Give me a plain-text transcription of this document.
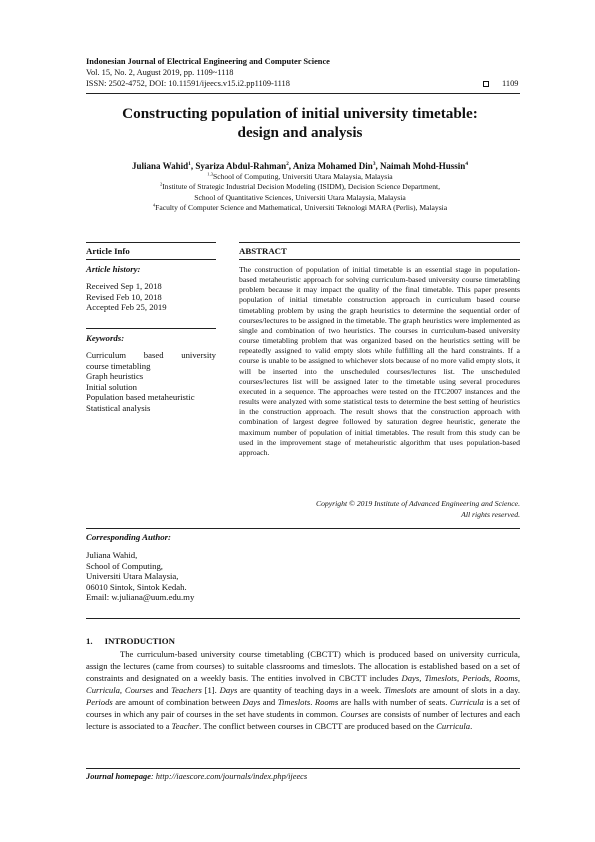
Indonesian Journal of Electrical Engineering and Computer Science
Vol. 15, No. 2, August 2019, pp. 1109~1118
ISSN: 2502-4752, DOI: 10.11591/ijeecs.v15.i2.pp1109-1118	1109
Constructing population of initial university timetable:
design and analysis
Juliana Wahid$^1$, Syariza Abdul-Rahman$^2$, Aniza Mohamed Din$^3$, Naimah Mohd-Hussin$^4$
$^{1,3}$School of Computing, Universiti Utara Malaysia, Malaysia
$^2$Institute of Strategic Industrial Decision Modeling (ISIDM), Decision Science Department,
School of Quantitative Sciences, Universiti Utara Malaysia, Malaysia
$^4$Faculty of Computer Science and Mathematical, Universiti Teknologi MARA (Perlis), Malaysia
Article Info
Article history:
Received Sep 1, 2018
Revised Feb 10, 2018
Accepted Feb 25, 2019
Keywords:
Curriculum based university
course timetabling
Graph heuristics
Initial solution
Population based metaheuristic
Statistical analysis
ABSTRACT
The construction of population of initial timetable is an essential stage in population-based metaheuristic approach for solving curriculum-based university course timetabling problem because it may impact the quality of the final timetable. This paper presents population of initial timetable construction approach in curriculum based course timetabling problem by using the graph heuristics to determine the sequential order of courses/lectures to be assigned in the timetable. The graph heuristics were implemented as single and combination of two heuristics. The courses in curriculum-based university course timetabling problem that was organized based on the heuristics setting will be repeatedly assigned to valid empty slots while fulfilling all the hard constraints. If a course is unable to be assigned to whichever slots because of no more valid empty slots, it will be inserted into the unscheduled courses/lectures list. The unscheduled courses/lectures list will be assigned later to the timetable using several procedures executed in a sequence. The approaches were tested on the ITC2007 instances and the results were analyzed with some statistical tests to determine the best setting of heuristics in the construction approach. The result shows that the construction approach with combination of largest degree followed by saturation degree heuristic, generate the maximum number of population of initial timetables. The result from this study can be used in the improvement stage of metaheuristic algorithm that uses population-based approach.
Copyright © 2019 Institute of Advanced Engineering and Science.
All rights reserved.
Corresponding Author:
Juliana Wahid,
School of Computing,
Universiti Utara Malaysia,
06010 Sintok, Sintok Kedah.
Email: w.juliana@uum.edu.my
1. INTRODUCTION
The curriculum-based university course timetabling (CBCTT) which is produced based on university curricula, assign the lectures (came from courses) to suitable classrooms and timeslots. The allocation is established based on a set of constraints and designated on a weekly basis. The entities involved in CBCTT includes Days, Timeslots, Periods, Rooms, Curricula, Courses and Teachers [1]. Days are quantity of teaching days in a week. Timeslots are amount of slots in a day. Periods are amount of combination between Days and Timeslots. Rooms are halls with number of seats. Curricula is a set of courses in which any pair of courses in the set have students in common. Courses are consists of number of lectures and each lecture is associated to a Teacher. The conflict between courses in CBCTT are produced based on the Curricula.
Journal homepage: http://iaescore.com/journals/index.php/ijeecs
